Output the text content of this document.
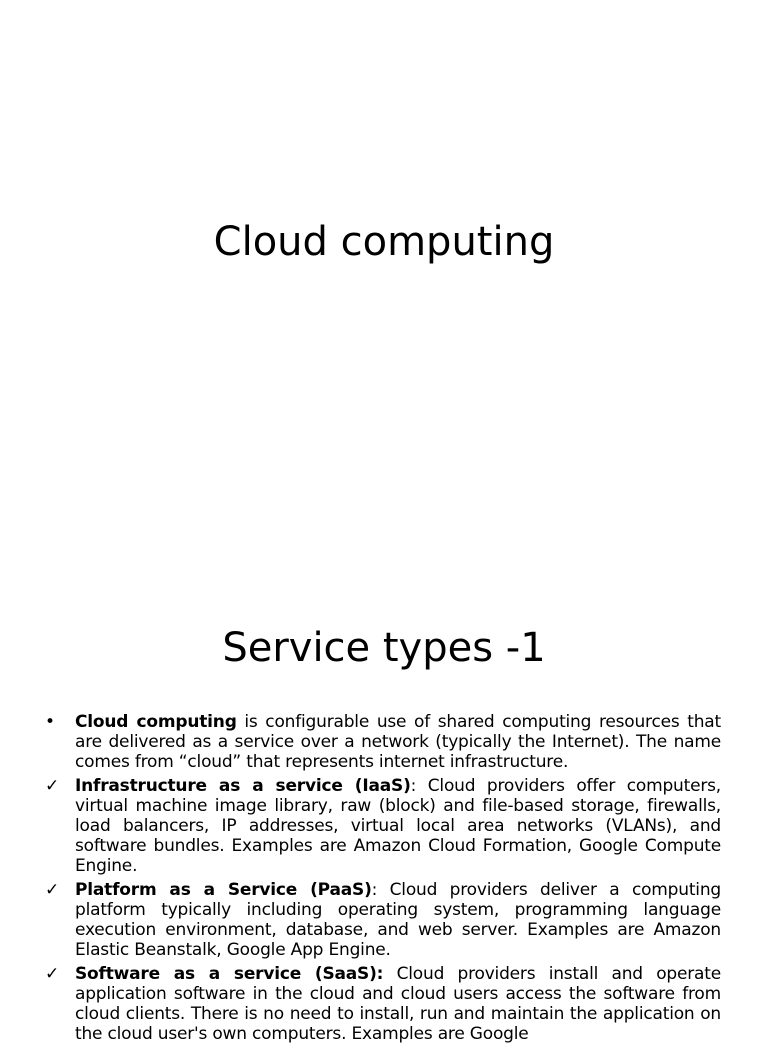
Cloud computing
Service types -1
•	Cloud computing is configurable use of shared computing resources that are delivered as a service over a network (typically the Internet). The name comes from “cloud” that represents internet infrastructure.
✓ Infrastructure as a service (IaaS): Cloud providers offer computers, virtual machine image library, raw (block) and file-based storage, firewalls, load balancers, IP addresses, virtual local area networks (VLANs), and software bundles. Examples are Amazon Cloud Formation, Google Compute Engine.
✓ Platform as a Service (PaaS): Cloud providers deliver a computing platform typically including operating system, programming language execution environment, database, and web server. Examples are Amazon Elastic Beanstalk, Google App Engine.
✓ Software as a service (SaaS): Cloud providers install and operate application software in the cloud and cloud users access the software from cloud clients. There is no need to install, run and maintain the application on the cloud user's own computers. Examples are Google
